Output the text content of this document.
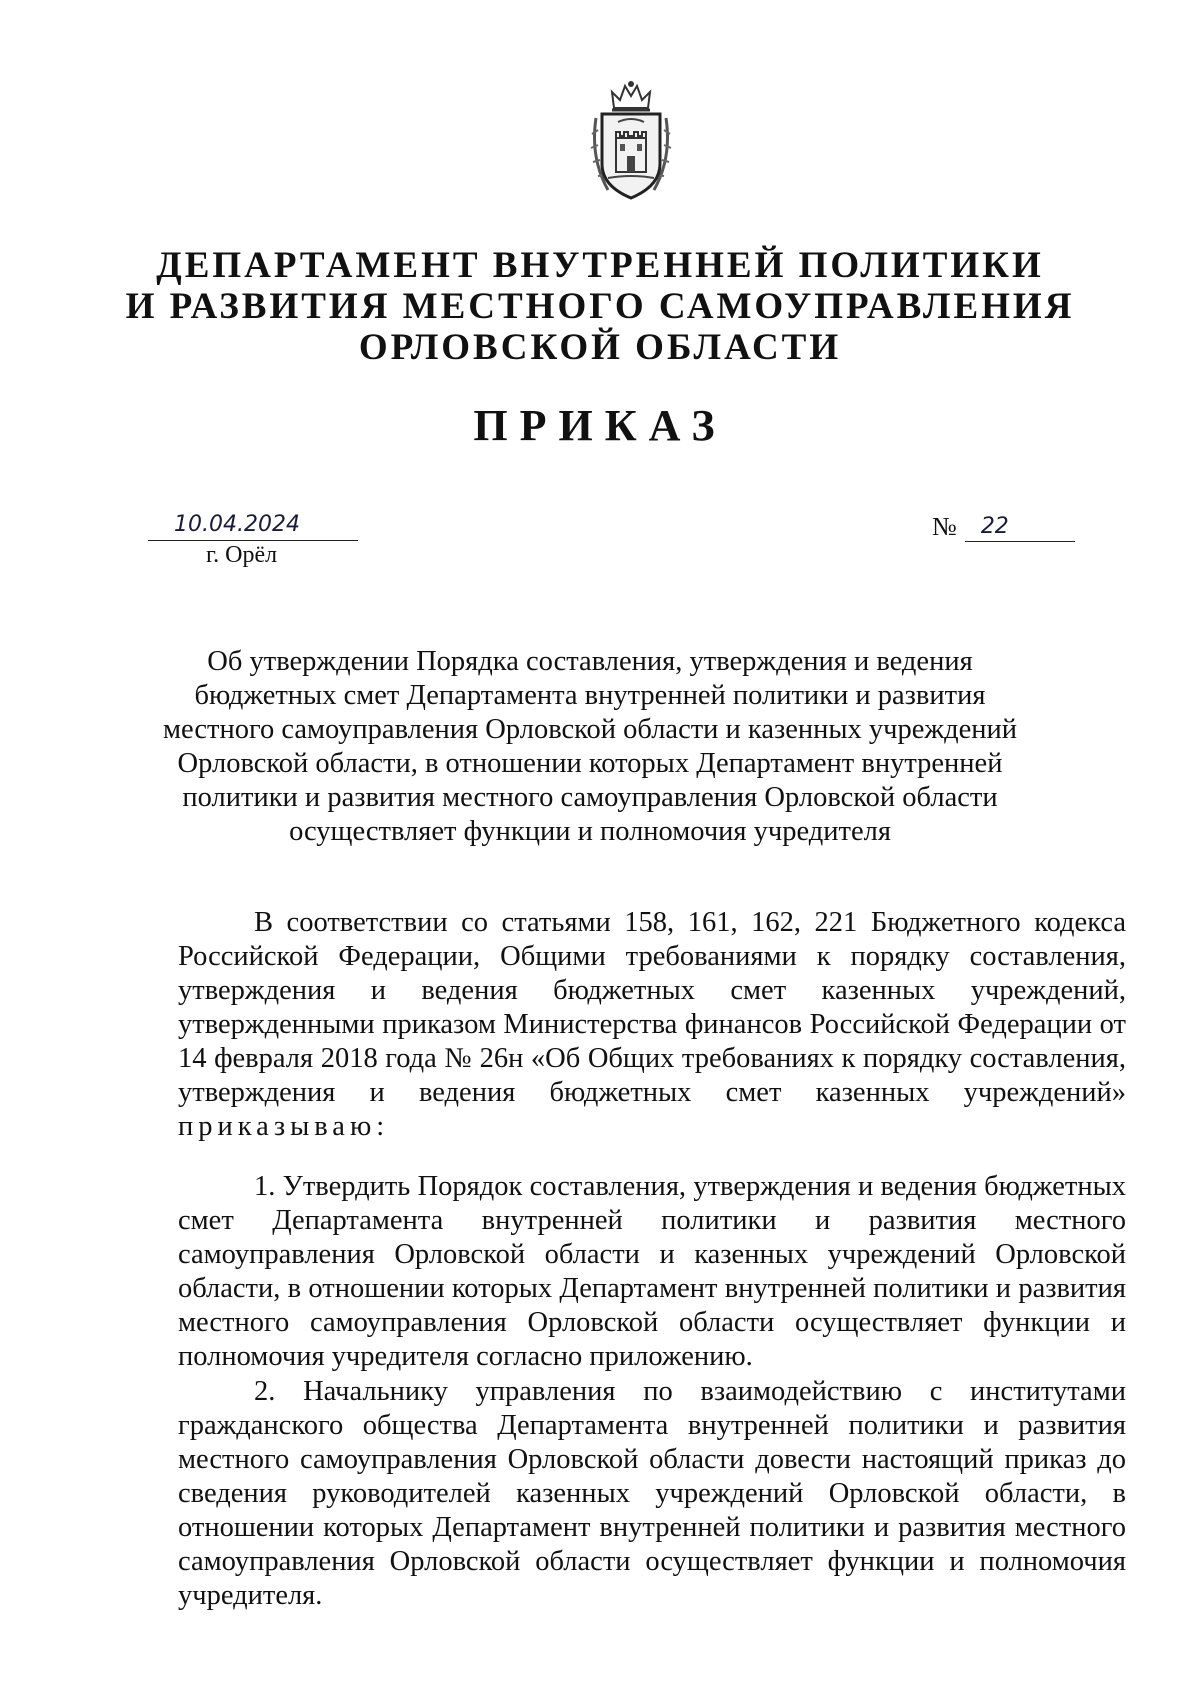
ДЕПАРТАМЕНТ ВНУТРЕННЕЙ ПОЛИТИКИ
И РАЗВИТИЯ МЕСТНОГО САМОУПРАВЛЕНИЯ
ОРЛОВСКОЙ ОБЛАСТИ
ПРИКАЗ
10.04.2024
г. Орёл
№ 22
Об утверждении Порядка составления, утверждения и ведения
бюджетных смет Департамента внутренней политики и развития
местного самоуправления Орловской области и казенных учреждений
Орловской области, в отношении которых Департамент внутренней
политики и развития местного самоуправления Орловской области
осуществляет функции и полномочия учредителя

В соответствии со статьями 158, 161, 162, 221 Бюджетного кодекса Российской Федерации, Общими требованиями к порядку составления, утверждения и ведения бюджетных смет казенных учреждений, утвержденными приказом Министерства финансов Российской Федерации от 14 февраля 2018 года № 26н «Об Общих требованиях к порядку составления, утверждения и ведения бюджетных смет казенных учреждений» приказываю:

1. Утвердить Порядок составления, утверждения и ведения бюджетных смет Департамента внутренней политики и развития местного самоуправления Орловской области и казенных учреждений Орловской области, в отношении которых Департамент внутренней политики и развития местного самоуправления Орловской области осуществляет функции и полномочия учредителя согласно приложению.

2. Начальнику управления по взаимодействию с институтами гражданского общества Департамента внутренней политики и развития местного самоуправления Орловской области довести настоящий приказ до сведения руководителей казенных учреждений Орловской области, в отношении которых Департамент внутренней политики и развития местного самоуправления Орловской области осуществляет функции и полномочия учредителя.
